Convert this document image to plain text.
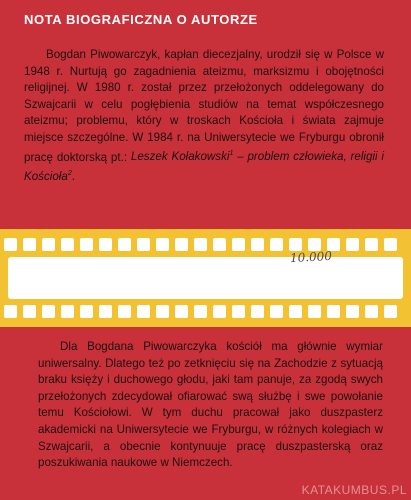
NOTA BIOGRAFICZNA O AUTORZE
Bogdan Piwowarczyk, kapłan diecezjalny, urodził się w Polsce w 1948 r. Nurtują go zagadnienia ateizmu, marksizmu i obojętności religijnej. W 1980 r. został przez przełożonych oddelegowany do Szwajcarii w celu pogłębienia studiów na temat współczesnego ateizmu; problemu, który w troskach Kościoła i świata zajmuje miejsce szczególne. W 1984 r. na Uniwersytecie we Fryburgu obronił pracę doktorską pt.: Leszek Kołakowski$^1$ – problem człowieka, religii i Kościoła$^2$.
10.000
Dla Bogdana Piwowarczyka kościół ma głównie wymiar uniwersalny. Dlatego też po zetknięciu się na Zachodzie z sytuacją braku księży i duchowego głodu, jaki tam panuje, za zgodą swych przełożonych zdecydował ofiarować swą służbę i swe powołanie temu Kościołowi. W tym duchu pracował jako duszpasterz akademicki na Uniwersytecie we Fryburgu, w różnych kolegiach w Szwajcarii, a obecnie kontynuuje pracę duszpasterską oraz poszukiwania naukowe w Niemczech.
KATAKUMBUS.PL
